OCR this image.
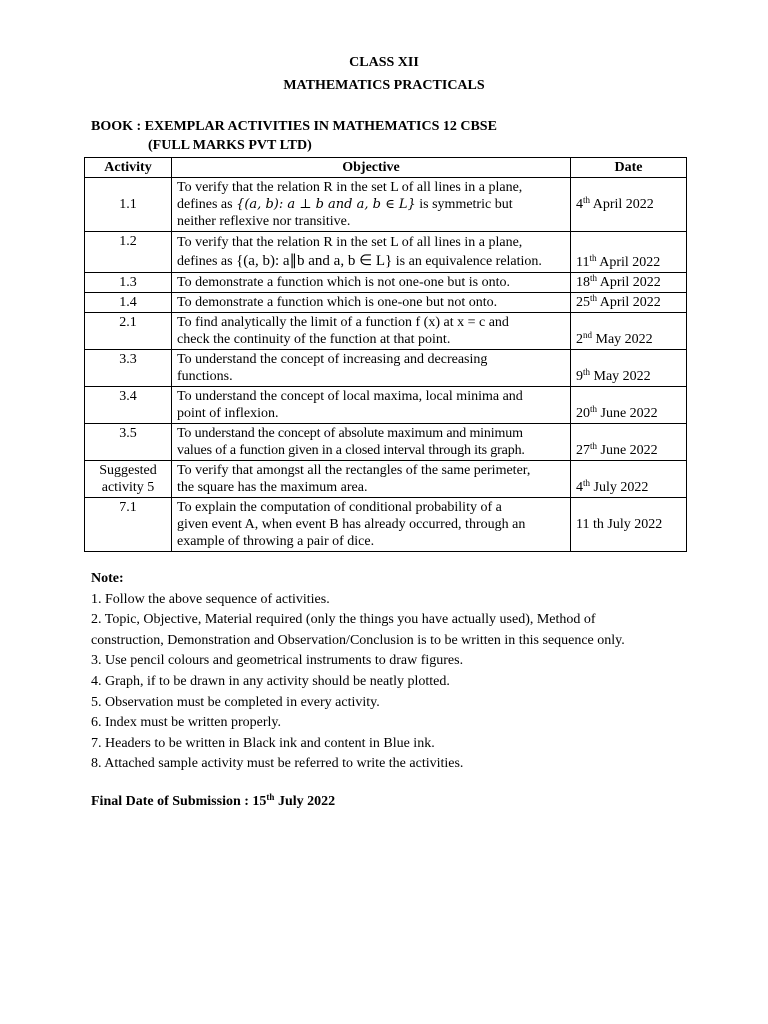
CLASS XII
MATHEMATICS PRACTICALS
BOOK : EXEMPLAR ACTIVITIES IN MATHEMATICS 12 CBSE
(FULL MARKS PVT LTD)
Activity	Objective	Date
1.1	To verify that the relation R in the set L of all lines in a plane,
defines as {(a, b): a ⊥ b and a, b ∈ L} is symmetric but
neither reflexive nor transitive.	4th April 2022
1.2	To verify that the relation R in the set L of all lines in a plane,
defines as {(a, b): a∥b and a, b ∈ L} is an equivalence relation.	11th April 2022
1.3	To demonstrate a function which is not one-one but is onto.	18th April 2022
1.4	To demonstrate a function which is one-one but not onto.	25th April 2022
2.1	To find analytically the limit of a function f (x) at x = c and
check the continuity of the function at that point.	2nd May 2022
3.3	To understand the concept of increasing and decreasing
functions.	9th May 2022
3.4	To understand the concept of local maxima, local minima and
point of inflexion.	20th June 2022
3.5	To understand the concept of absolute maximum and minimum
values of a function given in a closed interval through its graph.	27th June 2022
Suggested
activity 5	To verify that amongst all the rectangles of the same perimeter,
the square has the maximum area.	4th July 2022
7.1	To explain the computation of conditional probability of a
given event A, when event B has already occurred, through an
example of throwing a pair of dice.	11 th July 2022
Note:
1. Follow the above sequence of activities.
2. Topic, Objective, Material required (only the things you have actually used), Method of
construction, Demonstration and Observation/Conclusion is to be written in this sequence only.
3. Use pencil colours and geometrical instruments to draw figures.
4. Graph, if to be drawn in any activity should be neatly plotted.
5. Observation must be completed in every activity.
6. Index must be written properly.
7. Headers to be written in Black ink and content in Blue ink.
8. Attached sample activity must be referred to write the activities.
Final Date of Submission : 15th July 2022
